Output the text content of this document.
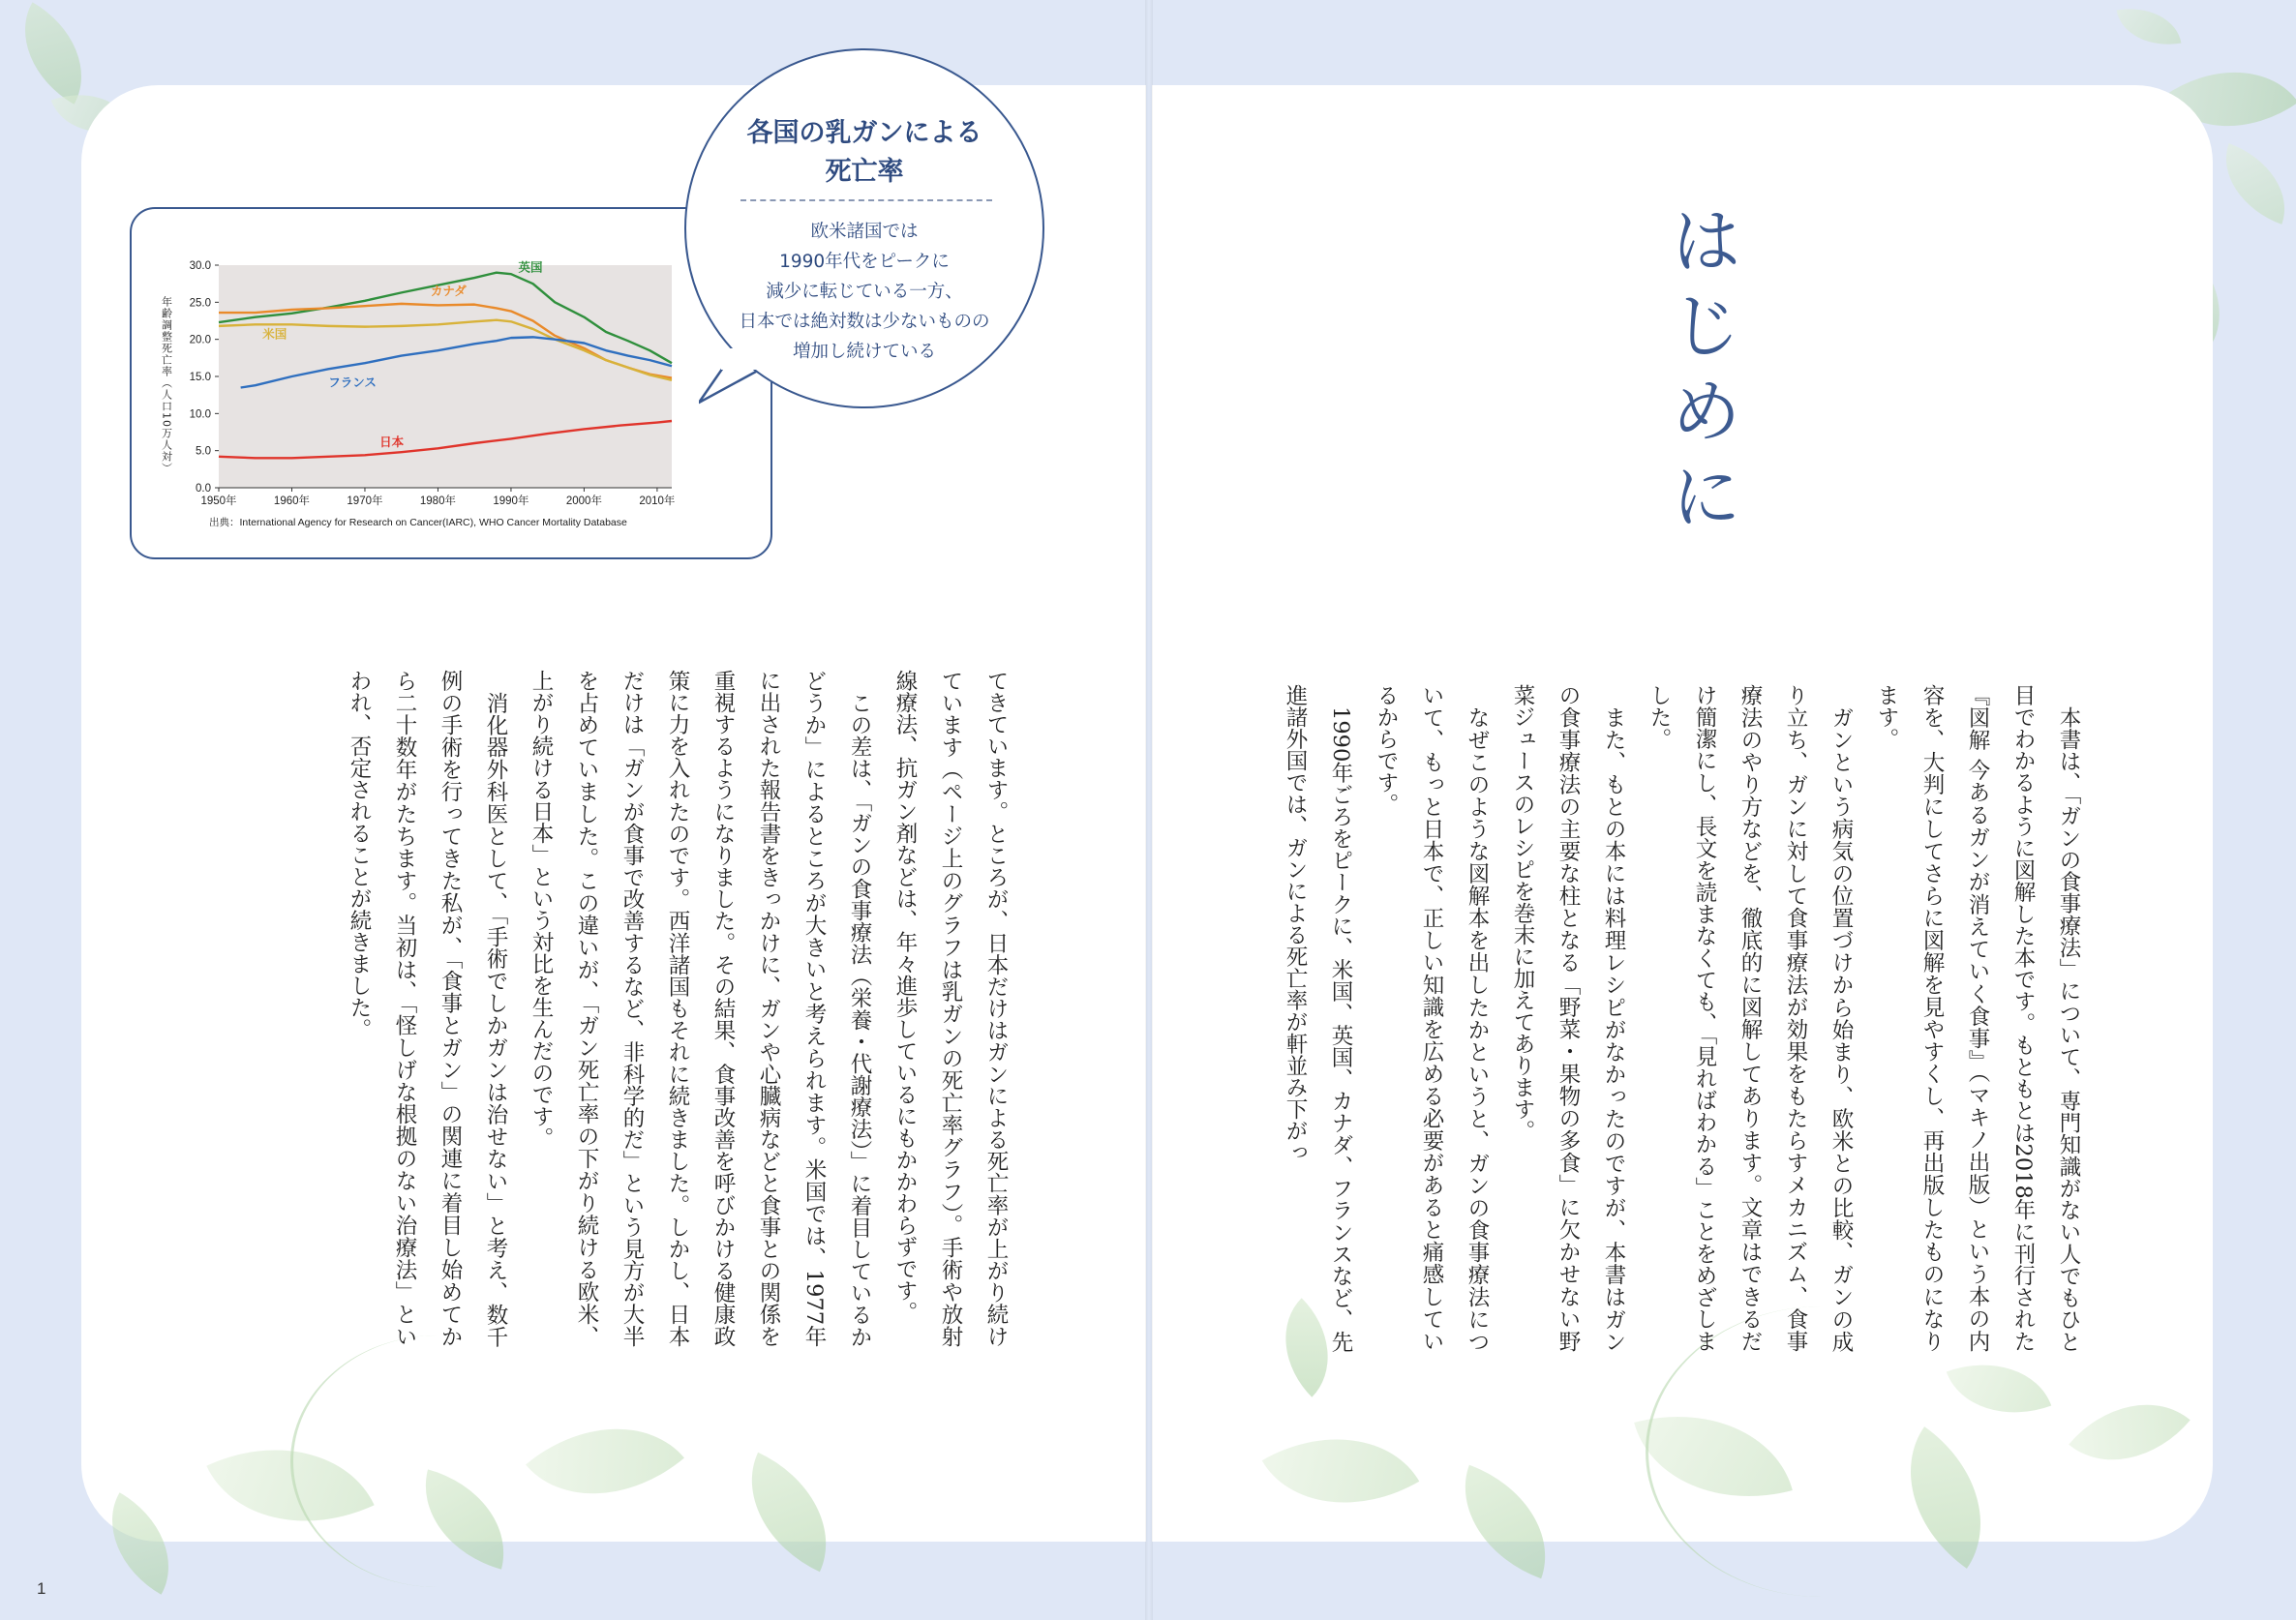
0.0
5.0
10.0
15.0
20.0
25.0
30.0
1950年	1960年	1970年	1980年	1990年	2000年	2010年
英国
カナダ
米国
フランス
日本
年齢調整死亡率（人口10万人対）
出典：International Agency for Research on Cancer(IARC), WHO Cancer Mortality Database
各国の乳ガンによる
死亡率
欧米諸国では
1990年代をピークに
減少に転じている一方、
日本では絶対数は少ないものの
増加し続けている	はじめに

本書は、「ガンの食事療法」について、専門知識がない人でもひと目でわかるように図解した本です。もともとは2018年に刊行された『図解 今あるガンが消えていく食事』（マキノ出版）という本の内容を、大判にしてさらに図解を見やすくし、再出版したものになります。

ガンという病気の位置づけから始まり、欧米との比較、ガンの成り立ち、ガンに対して食事療法が効果をもたらすメカニズム、食事療法のやり方などを、徹底的に図解してあります。文章はできるだけ簡潔にし、長文を読まなくても、「見ればわかる」ことをめざしました。

また、もとの本には料理レシピがなかったのですが、本書はガンの食事療法の主要な柱となる「野菜・果物の多食」に欠かせない野菜ジュースのレシピを巻末に加えてあります。

なぜこのような図解本を出したかというと、ガンの食事療法について、もっと日本で、正しい知識を広める必要があると痛感しているからです。

1990年ごろをピークに、米国、英国、カナダ、フランスなど、先進諸外国では、ガンによる死亡率が軒並み下がっ

てきています。ところが、日本だけはガンによる死亡率が上がり続けています（ページ上のグラフは乳ガンの死亡率グラフ）。手術や放射線療法、抗ガン剤などは、年々進歩しているにもかかわらずです。

この差は、「ガンの食事療法（栄養・代謝療法）」に着目しているかどうか」によるところが大きいと考えられます。米国では、1977年に出された報告書をきっかけに、ガンや心臓病などと食事との関係を重視するようになりました。その結果、食事改善を呼びかける健康政策に力を入れたのです。西洋諸国もそれに続きました。しかし、日本だけは「ガンが食事で改善するなど、非科学的だ」という見方が大半を占めていました。この違いが、「ガン死亡率の下がり続ける欧米、上がり続ける日本」という対比を生んだのです。

消化器外科医として、「手術でしかガンは治せない」と考え、数千例の手術を行ってきた私が、「食事とガン」の関連に着目し始めてから二十数年がたちます。当初は、「怪しげな根拠のない治療法」といわれ、否定されることが続きました。

1
